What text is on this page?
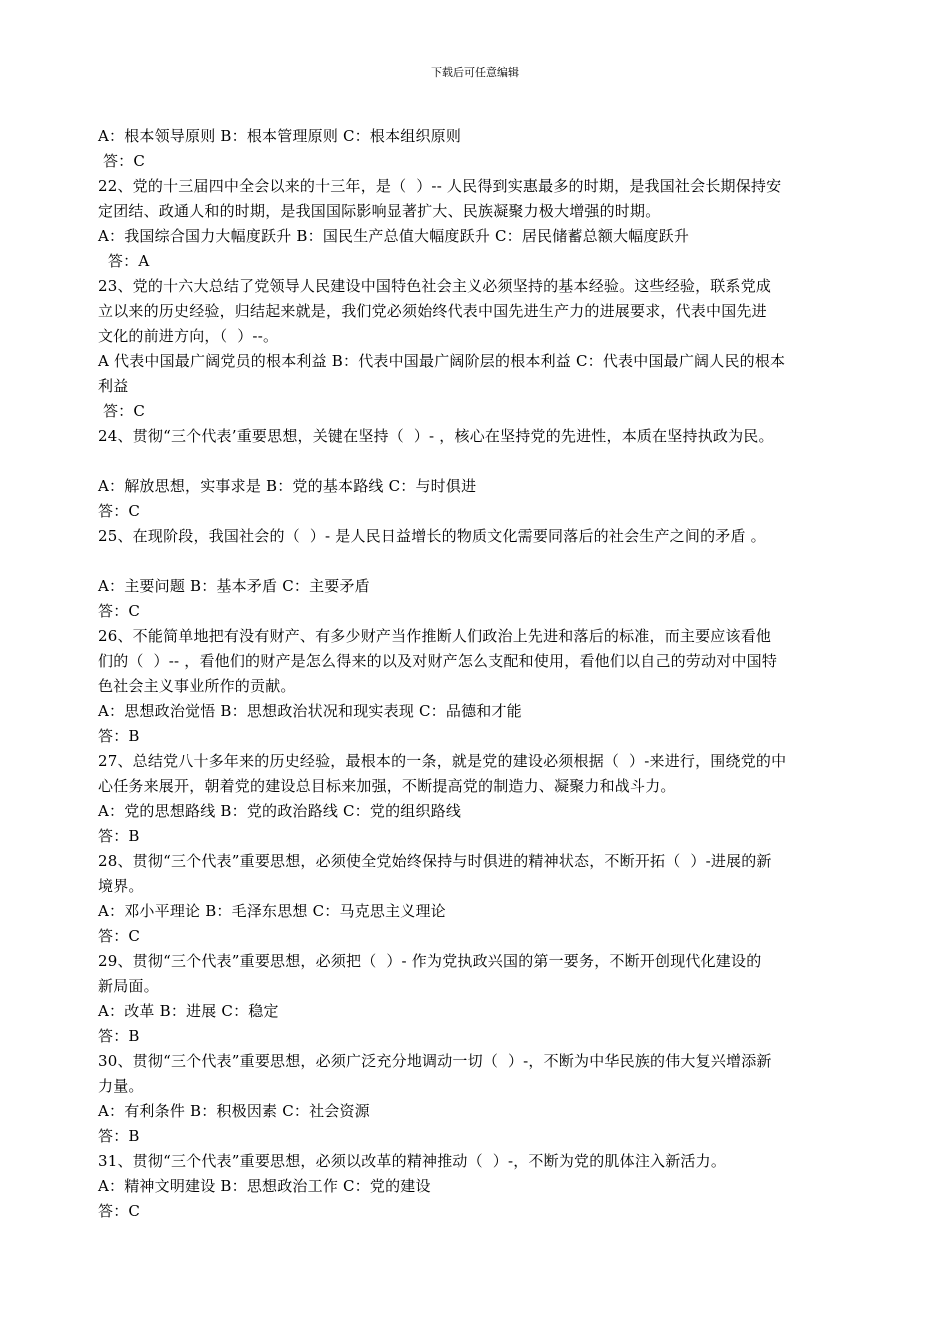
下载后可任意编辑
A：根本领导原则 B：根本管理原则 C：根本组织原则
答：C
22、党的十三届四中全会以来的十三年，是（  ）-- 人民得到实惠最多的时期，是我国社会长期保持安
定团结、政通人和的时期，是我国国际影响显著扩大、民族凝聚力极大增强的时期。
A：我国综合国力大幅度跃升 B：国民生产总值大幅度跃升 C：居民储蓄总额大幅度跃升
答：A
23、党的十六大总结了党领导人民建设中国特色社会主义必须坚持的基本经验。这些经验，联系党成
立以来的历史经验，归结起来就是，我们党必须始终代表中国先进生产力的进展要求，代表中国先进
文化的前进方向，（  ）--。
A 代表中国最广阔党员的根本利益 B：代表中国最广阔阶层的根本利益 C：代表中国最广阔人民的根本
利益
答：C
24、贯彻“三个代表’重要思想，关键在坚持（  ）- ，核心在坚持党的先进性，本质在坚持执政为民。
A：解放思想，实事求是 B：党的基本路线 C：与时俱进
答：C
25、在现阶段，我国社会的（  ）- 是人民日益增长的物质文化需要同落后的社会生产之间的矛盾 。
A：主要问题 B：基本矛盾 C：主要矛盾
答：C
26、不能简单地把有没有财产、有多少财产当作推断人们政治上先进和落后的标准，而主要应该看他
们的（  ）-- ，看他们的财产是怎么得来的以及对财产怎么支配和使用，看他们以自己的劳动对中国特
色社会主义事业所作的贡献。
A：思想政治觉悟 B：思想政治状况和现实表现 C：品德和才能
答：B
27、总结党八十多年来的历史经验，最根本的一条，就是党的建设必须根据（  ）-来进行，围绕党的中
心任务来展开，朝着党的建设总目标来加强，不断提高党的制造力、凝聚力和战斗力。
A：党的思想路线 B：党的政治路线 C：党的组织路线
答：B
28、贯彻“三个代表”重要思想，必须使全党始终保持与时俱进的精神状态，不断开拓（  ）-进展的新
境界。
A：邓小平理论 B：毛泽东思想 C：马克思主义理论
答：C
29、贯彻“三个代表”重要思想，必须把（  ）- 作为党执政兴国的第一要务，不断开创现代化建设的
新局面。
A：改革 B：进展 C：稳定
答：B
30、贯彻“三个代表”重要思想，必须广泛充分地调动一切（  ）-，不断为中华民族的伟大复兴增添新
力量。
A：有利条件 B：积极因素 C：社会资源
答：B
31、贯彻“三个代表”重要思想，必须以改革的精神推动（  ）-，不断为党的肌体注入新活力。
A：精神文明建设 B：思想政治工作 C：党的建设
答：C
